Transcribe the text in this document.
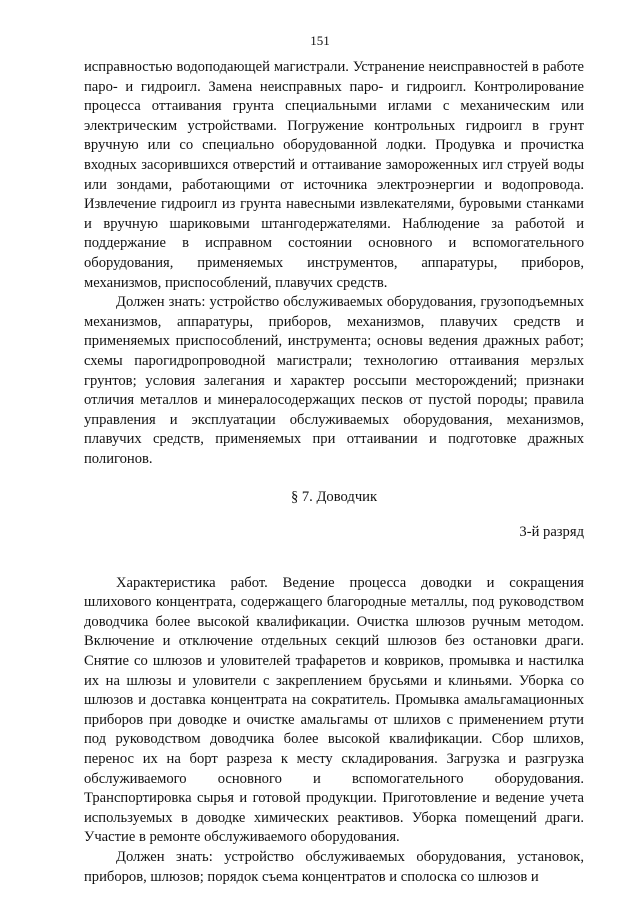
151

исправностью водоподающей магистрали. Устранение неисправностей в работе паро- и гидроигл. Замена неисправных паро- и гидроигл. Контролирование процесса оттаивания грунта специальными иглами с механическим или электрическим устройствами. Погружение контрольных гидроигл в грунт вручную или со специально оборудованной лодки. Продувка и прочистка входных засорившихся отверстий и оттаивание замороженных игл струей воды или зондами, работающими от источника электроэнергии и водопровода. Извлечение гидроигл из грунта навесными извлекателями, буровыми станками и вручную шариковыми штангодержателями. Наблюдение за работой и поддержание в исправном состоянии основного и вспомогательного оборудования, применяемых инструментов, аппаратуры, приборов, механизмов, приспособлений, плавучих средств.

Должен знать: устройство обслуживаемых оборудования, грузоподъемных механизмов, аппаратуры, приборов, механизмов, плавучих средств и применяемых приспособлений, инструмента; основы ведения дражных работ; схемы парогидропроводной магистрали; технологию оттаивания мерзлых грунтов; условия залегания и характер россыпи месторождений; признаки отличия металлов и минералосодержащих песков от пустой породы; правила управления и эксплуатации обслуживаемых оборудования, механизмов, плавучих средств, применяемых при оттаивании и подготовке дражных полигонов.

§ 7. Доводчик

3-й разряд

Характеристика работ. Ведение процесса доводки и сокращения шлихового концентрата, содержащего благородные металлы, под руководством доводчика более высокой квалификации. Очистка шлюзов ручным методом. Включение и отключение отдельных секций шлюзов без остановки драги. Снятие со шлюзов и уловителей трафаретов и ковриков, промывка и настилка их на шлюзы и уловители с закреплением брусьями и клиньями. Уборка со шлюзов и доставка концентрата на сократитель. Промывка амальгамационных приборов при доводке и очистке амальгамы от шлихов с применением ртути под руководством доводчика более высокой квалификации. Сбор шлихов, перенос их на борт разреза к месту складирования. Загрузка и разгрузка обслуживаемого основного и вспомогательного оборудования. Транспортировка сырья и готовой продукции. Приготовление и ведение учета используемых в доводке химических реактивов. Уборка помещений драги. Участие в ремонте обслуживаемого оборудования.

Должен знать: устройство обслуживаемых оборудования, установок, приборов, шлюзов; порядок съема концентратов и сполоска со шлюзов и
